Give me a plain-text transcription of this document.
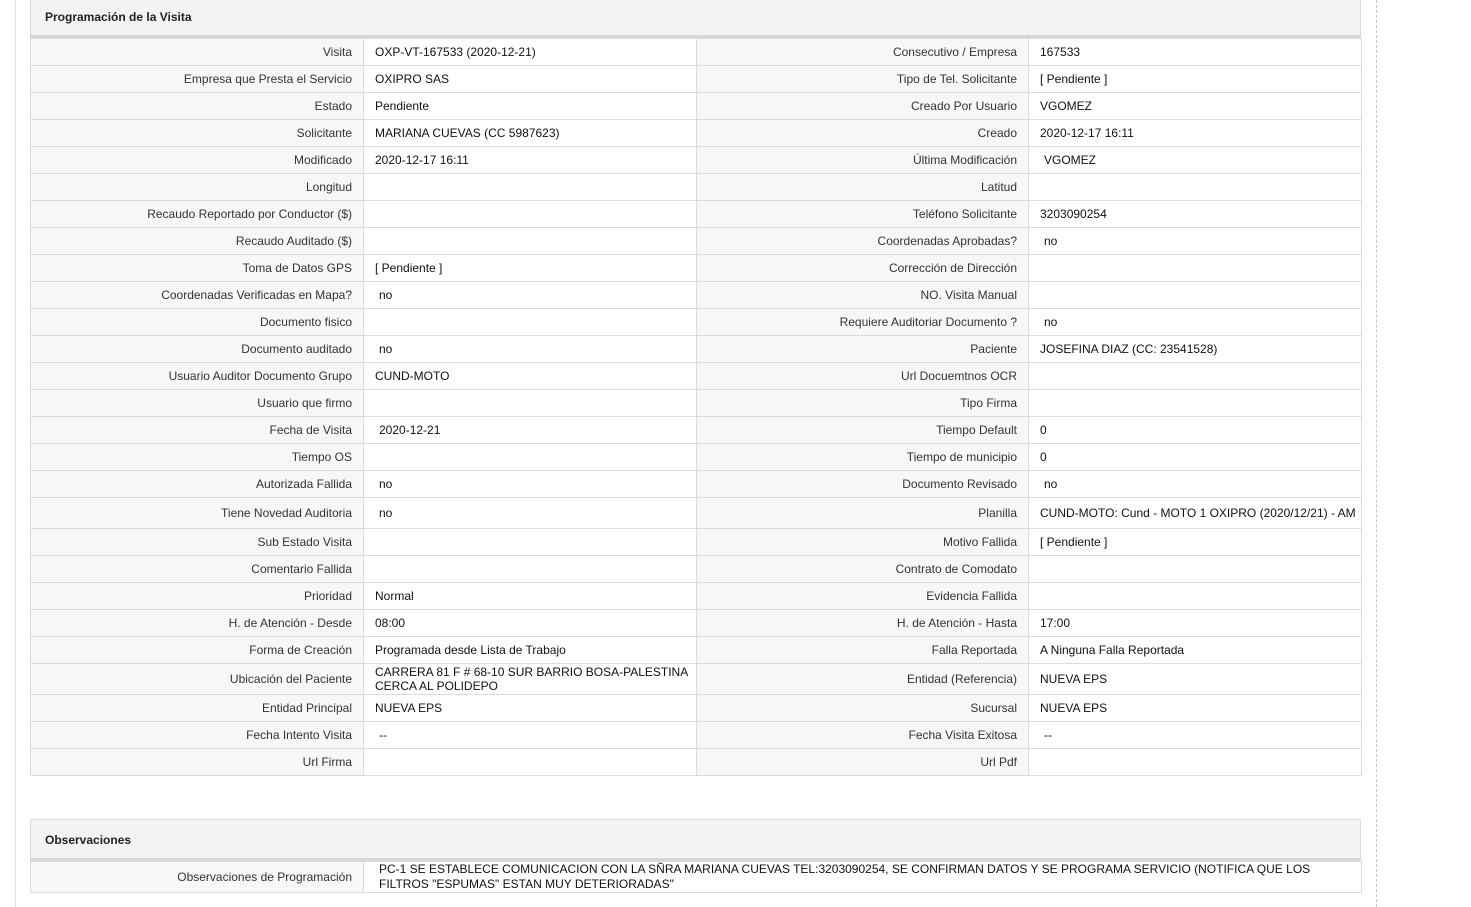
Programación de la Visita
Visita	OXP-VT-167533 (2020-12-21)	Consecutivo / Empresa	167533
Empresa que Presta el Servicio	OXIPRO SAS	Tipo de Tel. Solicitante	[ Pendiente ]
Estado	Pendiente	Creado Por Usuario	VGOMEZ
Solicitante	MARIANA CUEVAS (CC 5987623)	Creado	2020-12-17 16:11
Modificado	2020-12-17 16:11	Última Modificación	VGOMEZ
Longitud		Latitud	
Recaudo Reportado por Conductor ($)		Teléfono Solicitante	3203090254
Recaudo Auditado ($)		Coordenadas Aprobadas?	no
Toma de Datos GPS	[ Pendiente ]	Corrección de Dirección	
Coordenadas Verificadas en Mapa?	no	NO. Visita Manual	
Documento fisico		Requiere Auditoriar Documento ?	no
Documento auditado	no	Paciente	JOSEFINA DIAZ (CC: 23541528)
Usuario Auditor Documento Grupo	CUND-MOTO	Url Docuemtnos OCR	
Usuario que firmo		Tipo Firma	
Fecha de Visita	2020-12-21	Tiempo Default	0
Tiempo OS		Tiempo de municipio	0
Autorizada Fallida	no	Documento Revisado	no
Tiene Novedad Auditoria	no	Planilla	CUND-MOTO: Cund - MOTO 1 OXIPRO (2020/12/21) - AM
Sub Estado Visita		Motivo Fallida	[ Pendiente ]
Comentario Fallida		Contrato de Comodato	
Prioridad	Normal	Evidencia Fallida	
H. de Atención - Desde	08:00	H. de Atención - Hasta	17:00
Forma de Creación	Programada desde Lista de Trabajo	Falla Reportada	A Ninguna Falla Reportada
Ubicación del Paciente	CARRERA 81 F # 68-10 SUR BARRIO BOSA-PALESTINA CERCA AL POLIDEPO	Entidad (Referencia)	NUEVA EPS
Entidad Principal	NUEVA EPS	Sucursal	NUEVA EPS
Fecha Intento Visita	--	Fecha Visita Exitosa	--
Url Firma		Url Pdf	
Observaciones
Observaciones de Programación	PC-1 SE ESTABLECE COMUNICACION CON LA SÑRA MARIANA CUEVAS TEL:3203090254, SE CONFIRMAN DATOS Y SE PROGRAMA SERVICIO (NOTIFICA QUE LOS FILTROS "ESPUMAS" ESTAN MUY DETERIORADAS"
